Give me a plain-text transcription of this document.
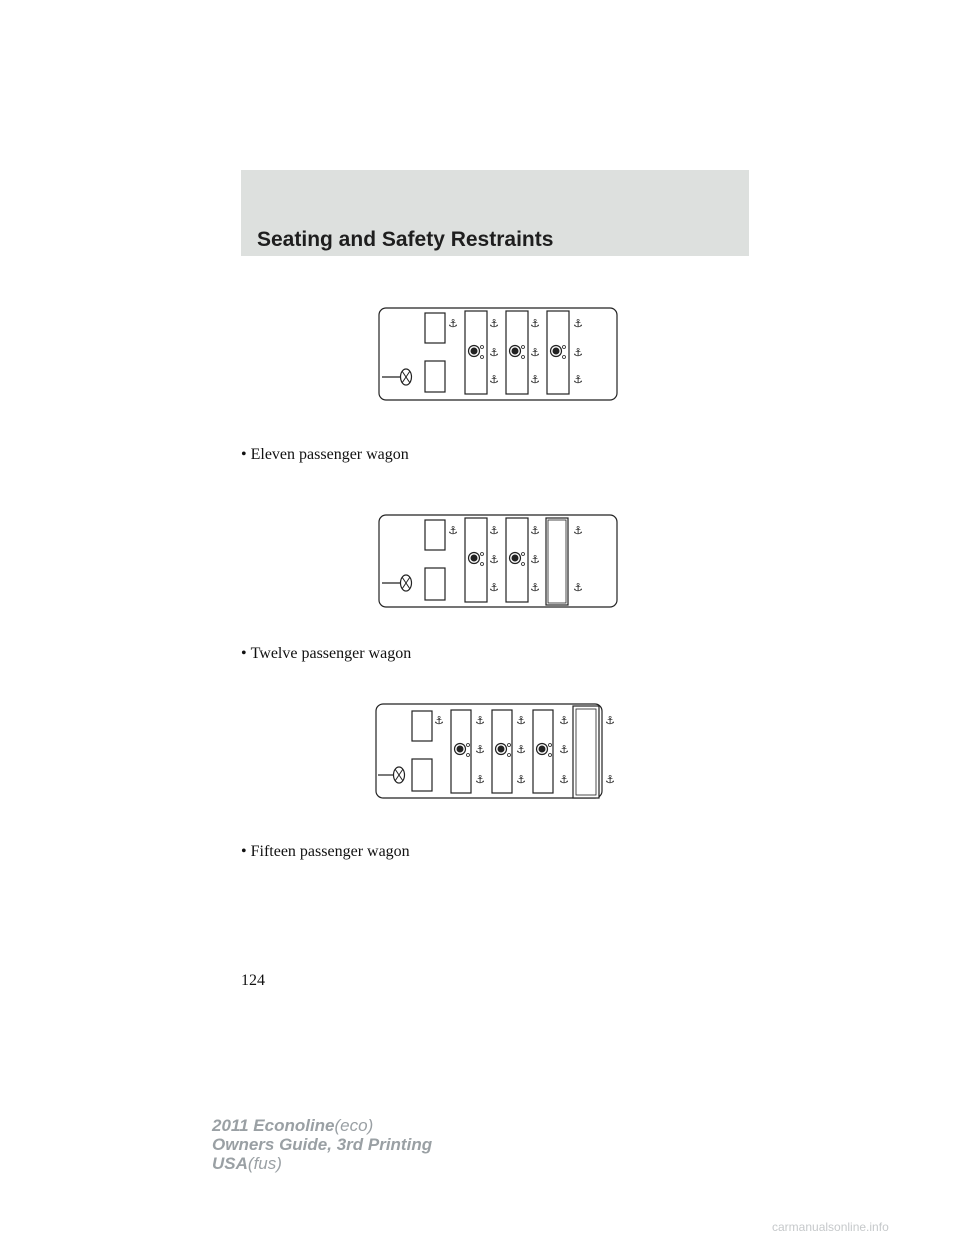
Seating and Safety Restraints
⚓	⚓	⚓	⚓
⚓	⚓	⚓
⚓	⚓	⚓
• Eleven passenger wagon
⚓	⚓	⚓	⚓
⚓	⚓
⚓	⚓	⚓
• Twelve passenger wagon
⚓	⚓	⚓	⚓	⚓
⚓	⚓	⚓
⚓	⚓	⚓	⚓
• Fifteen passenger wagon
124
2011 Econoline(eco)
Owners Guide, 3rd Printing
USA(fus)
carmanualsonline.info
